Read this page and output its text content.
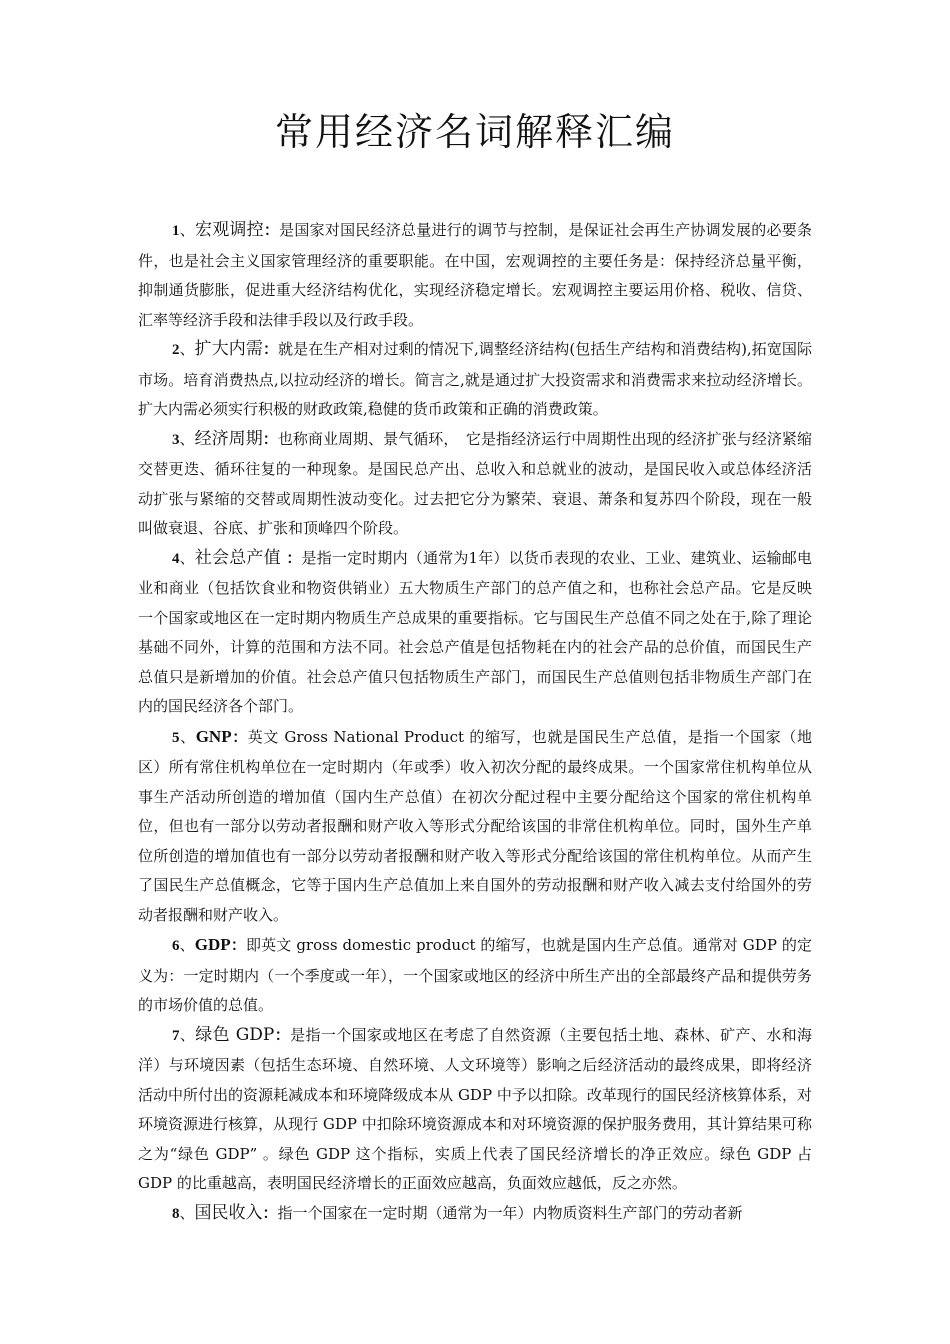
常用经济名词解释汇编

1、宏观调控：是国家对国民经济总量进行的调节与控制，是保证社会再生产协调发展的必要条件，也是社会主义国家管理经济的重要职能。在中国，宏观调控的主要任务是：保持经济总量平衡，抑制通货膨胀，促进重大经济结构优化，实现经济稳定增长。宏观调控主要运用价格、税收、信贷、汇率等经济手段和法律手段以及行政手段。

2、扩大内需：就是在生产相对过剩的情况下,调整经济结构(包括生产结构和消费结构),拓宽国际市场。培育消费热点,以拉动经济的增长。简言之,就是通过扩大投资需求和消费需求来拉动经济增长。扩大内需必须实行积极的财政政策,稳健的货币政策和正确的消费政策。

3、经济周期：也称商业周期、景气循环，　它是指经济运行中周期性出现的经济扩张与经济紧缩交替更迭、循环往复的一种现象。是国民总产出、总收入和总就业的波动，是国民收入或总体经济活动扩张与紧缩的交替或周期性波动变化。过去把它分为繁荣、衰退、萧条和复苏四个阶段，现在一般叫做衰退、谷底、扩张和顶峰四个阶段。

4、社会总产值 ：是指一定时期内（通常为1年）以货币表现的农业、工业、建筑业、运输邮电业和商业（包括饮食业和物资供销业）五大物质生产部门的总产值之和，也称社会总产品。它是反映一个国家或地区在一定时期内物质生产总成果的重要指标。它与国民生产总值不同之处在于,除了理论基础不同外，计算的范围和方法不同。社会总产值是包括物耗在内的社会产品的总价值，而国民生产总值只是新增加的价值。社会总产值只包括物质生产部门，而国民生产总值则包括非物质生产部门在内的国民经济各个部门。

5、GNP：英文 Gross National Product 的缩写，也就是国民生产总值，是指一个国家（地区）所有常住机构单位在一定时期内（年或季）收入初次分配的最终成果。一个国家常住机构单位从事生产活动所创造的增加值（国内生产总值）在初次分配过程中主要分配给这个国家的常住机构单位，但也有一部分以劳动者报酬和财产收入等形式分配给该国的非常住机构单位。同时，国外生产单位所创造的增加值也有一部分以劳动者报酬和财产收入等形式分配给该国的常住机构单位。从而产生了国民生产总值概念，它等于国内生产总值加上来自国外的劳动报酬和财产收入减去支付给国外的劳动者报酬和财产收入。

6、GDP：即英文 gross domestic product 的缩写，也就是国内生产总值。通常对 GDP 的定义为：一定时期内（一个季度或一年），一个国家或地区的经济中所生产出的全部最终产品和提供劳务的市场价值的总值。

7、绿色 GDP：是指一个国家或地区在考虑了自然资源（主要包括土地、森林、矿产、水和海洋）与环境因素（包括生态环境、自然环境、人文环境等）影响之后经济活动的最终成果，即将经济活动中所付出的资源耗减成本和环境降级成本从 GDP 中予以扣除。改革现行的国民经济核算体系，对环境资源进行核算，从现行 GDP 中扣除环境资源成本和对环境资源的保护服务费用，其计算结果可称之为“绿色 GDP” 。绿色 GDP 这个指标，实质上代表了国民经济增长的净正效应。绿色 GDP 占 GDP 的比重越高，表明国民经济增长的正面效应越高，负面效应越低，反之亦然。

8、国民收入：指一个国家在一定时期（通常为一年）内物质资料生产部门的劳动者新
